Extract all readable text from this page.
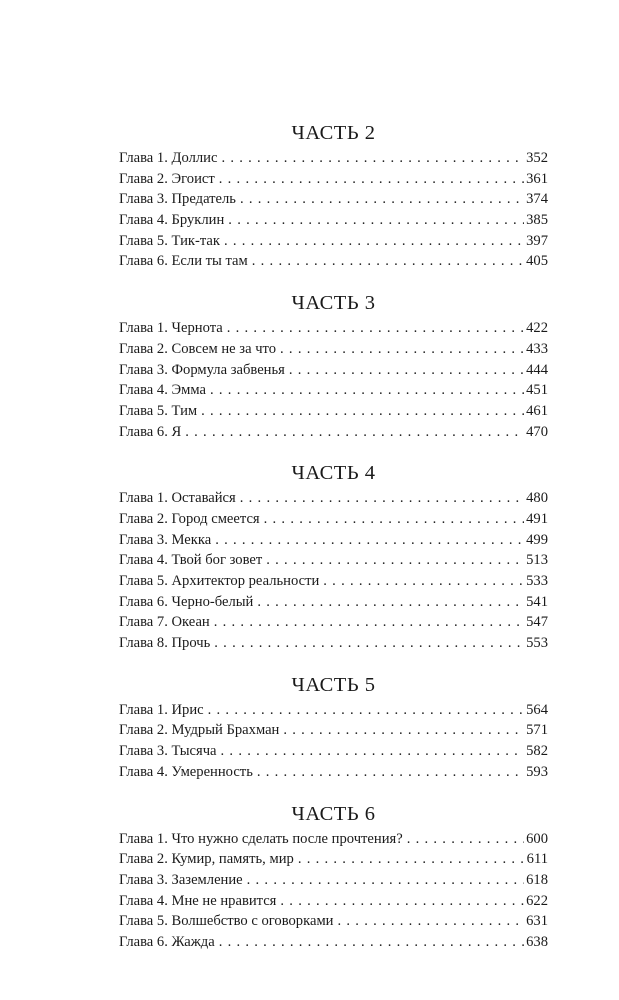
ЧАСТЬ 2
Глава 1. Доллис . . .	352
Глава 2. Эгоист . . .	361
Глава 3. Предатель . . .	374
Глава 4. Бруклин . . .	385
Глава 5. Тик-так . . .	397
Глава 6. Если ты там . . .	405
ЧАСТЬ 3
Глава 1. Чернота . . .	422
Глава 2. Совсем не за что . . .	433
Глава 3. Формула забвенья . . .	444
Глава 4. Эмма . . .	451
Глава 5. Тим . . .	461
Глава 6. Я . . .	470
ЧАСТЬ 4
Глава 1. Оставайся . . .	480
Глава 2. Город смеется . . .	491
Глава 3. Мекка . . .	499
Глава 4. Твой бог зовет . . .	513
Глава 5. Архитектор реальности . . .	533
Глава 6. Черно-белый . . .	541
Глава 7. Океан . . .	547
Глава 8. Прочь . . .	553
ЧАСТЬ 5
Глава 1. Ирис . . .	564
Глава 2. Мудрый Брахман . . .	571
Глава 3. Тысяча . . .	582
Глава 4. Умеренность . . .	593
ЧАСТЬ 6
Глава 1. Что нужно сделать после прочтения? . . .	600
Глава 2. Кумир, память, мир . . .	611
Глава 3. Заземление . . .	618
Глава 4. Мне не нравится . . .	622
Глава 5. Волшебство с оговорками . . .	631
Глава 6. Жажда . . .	638
